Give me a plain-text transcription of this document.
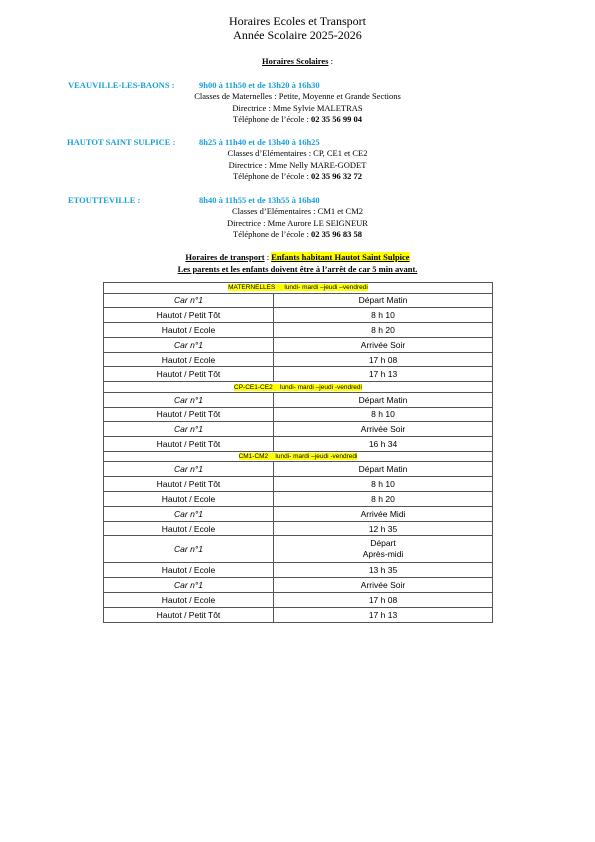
Horaires Ecoles et Transport
Année Scolaire 2025-2026
Horaires Scolaires :
VEAUVILLE-LES-BAONS :	9h00 à 11h50 et de 13h20 à 16h30
Classes de Maternelles : Petite, Moyenne et Grande Sections
Directrice : Mme Sylvie MALETRAS
Téléphone de l’école : 02 35 56 99 04
HAUTOT SAINT SULPICE :	8h25 à 11h40 et de 13h40 à 16h25
Classes d’Elémentaires : CP, CE1 et CE2
Directrice : Mme Nelly MARE-GODET
Téléphone de l’école : 02 35 96 32 72
ETOUTTEVILLE :	8h40 à 11h55 et de 13h55 à 16h40
Classes d’Elémentaires : CM1 et CM2
Directrice : Mme Aurore LE SEIGNEUR
Téléphone de l’école : 02 35 96 83 58
Horaires de transport : Enfants habitant Hautot Saint Sulpice
Les parents et les enfants doivent être à l’arrêt de car 5 min avant.
MATERNELLES     lundi- mardi –jeudi –vendredi	
Car n°1	Départ Matin
Hautot / Petit Tôt	8 h 10
Hautot / Ecole	8 h 20
Car n°1	Arrivée Soir
Hautot / Ecole	17 h 08
Hautot / Petit Tôt	17 h 13
CP-CE1-CE2    lundi- mardi –jeudi -vendredi	
Car n°1	Départ Matin
Hautot / Petit Tôt	8 h 10
Car n°1	Arrivée Soir
Hautot / Petit Tôt	16 h 34
CM1-CM2    lundi- mardi –jeudi -vendredi	
Car n°1	Départ Matin
Hautot / Petit Tôt	8 h 10
Hautot / Ecole	8 h 20
Car n°1	Arrivée Midi
Hautot / Ecole	12 h 35
Car n°1	Départ
Après-midi

Hautot / Ecole	13 h 35
Car n°1	Arrivée Soir
Hautot / Ecole	17 h 08
Hautot / Petit Tôt	17 h 13
